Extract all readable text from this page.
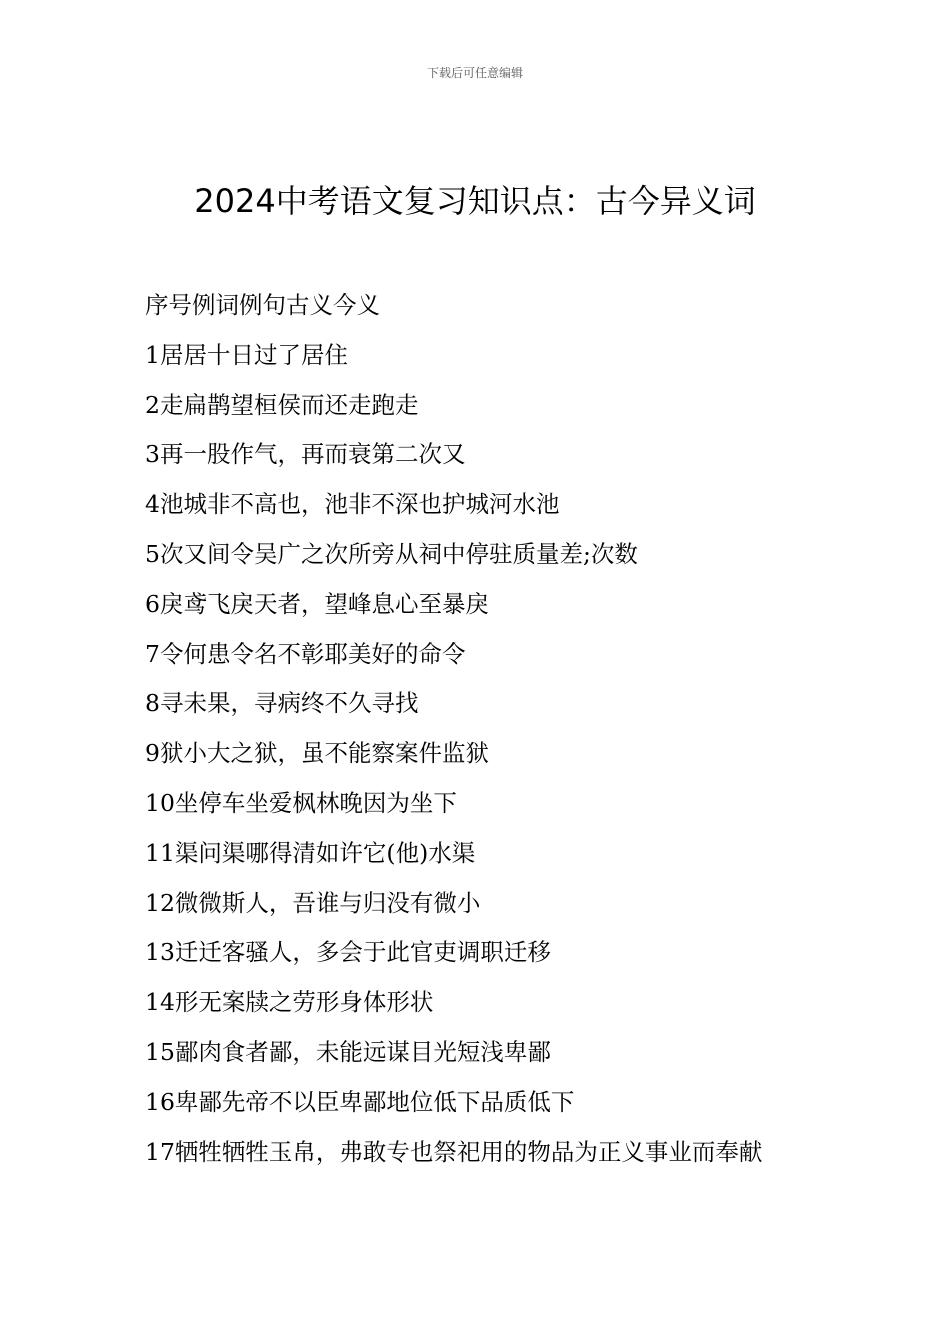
下载后可任意编辑
2024中考语文复习知识点：古今异义词

序号例词例句古义今义

1居居十日过了居住

2走扁鹊望桓侯而还走跑走

3再一股作气，再而衰第二次又

4池城非不高也，池非不深也护城河水池

5次又间令吴广之次所旁从祠中停驻质量差;次数

6戾鸢飞戾天者，望峰息心至暴戾

7令何患令名不彰耶美好的命令

8寻未果，寻病终不久寻找

9狱小大之狱，虽不能察案件监狱

10坐停车坐爱枫林晚因为坐下

11渠问渠哪得清如许它(他)水渠

12微微斯人，吾谁与归没有微小

13迁迁客骚人，多会于此官吏调职迁移

14形无案牍之劳形身体形状

15鄙肉食者鄙，未能远谋目光短浅卑鄙

16卑鄙先帝不以臣卑鄙地位低下品质低下

17牺牲牺牲玉帛，弗敢专也祭祀用的物品为正义事业而奉献
